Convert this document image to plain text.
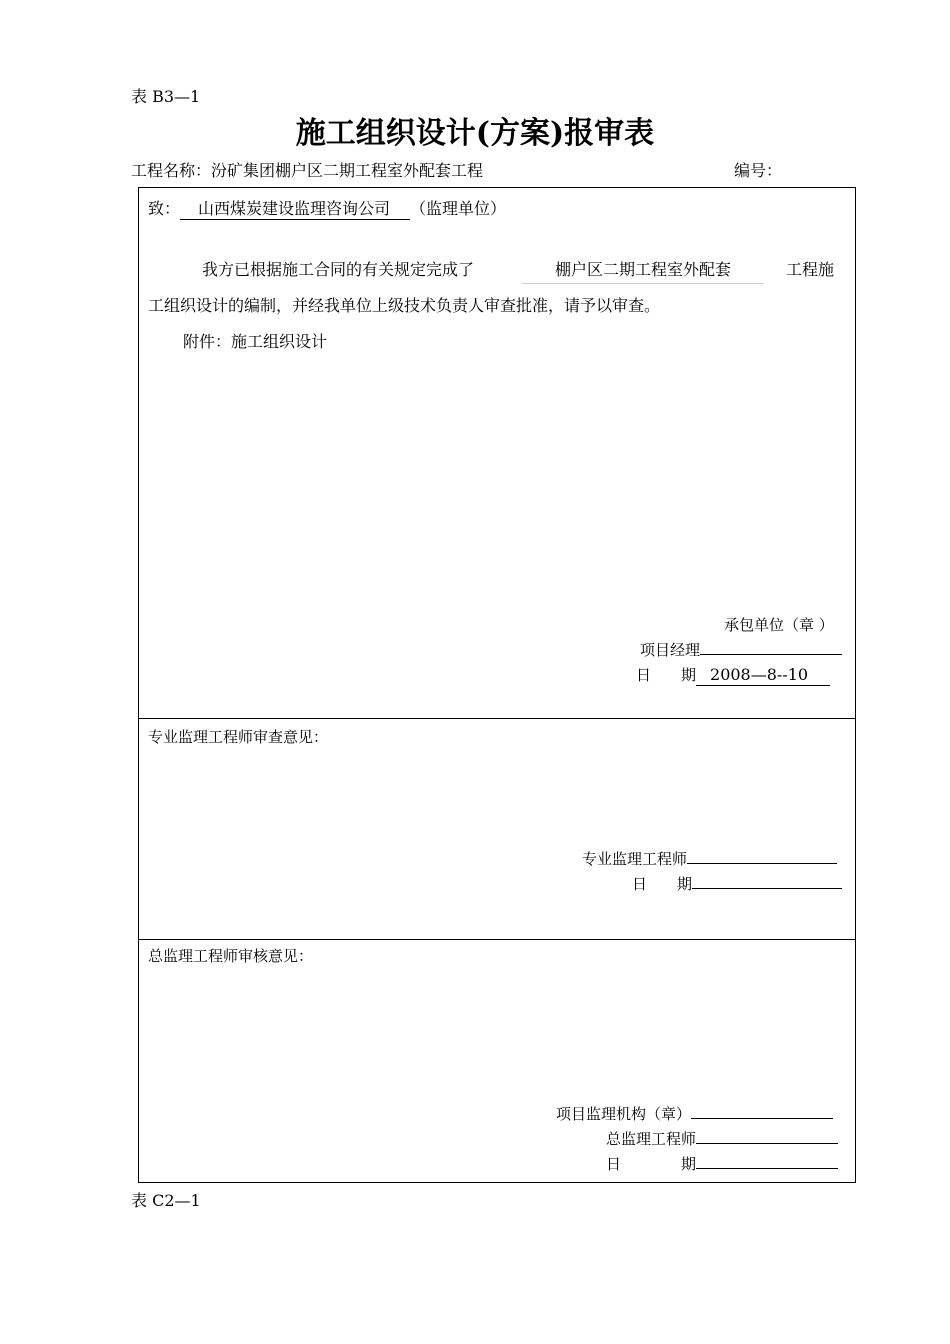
表 B3—1
施工组织设计(方案)报审表
工程名称：汾矿集团棚户区二期工程室外配套工程	编号：
致： 山西煤炭建设监理咨询公司 （监理单位）
我方已根据施工合同的有关规定完成了	棚户区二期工程室外配套	工程施
工组织设计的编制，并经我单位上级技术负责人审查批准，请予以审查。
附件：施工组织设计
承包单位（章 ）
项目经理
日　　期 2008—8--10
专业监理工程师审查意见：
专业监理工程师
日　　期
总监理工程师审核意见：
项目监理机构（章）
总监理工程师
日　　　　期
表 C2—1
